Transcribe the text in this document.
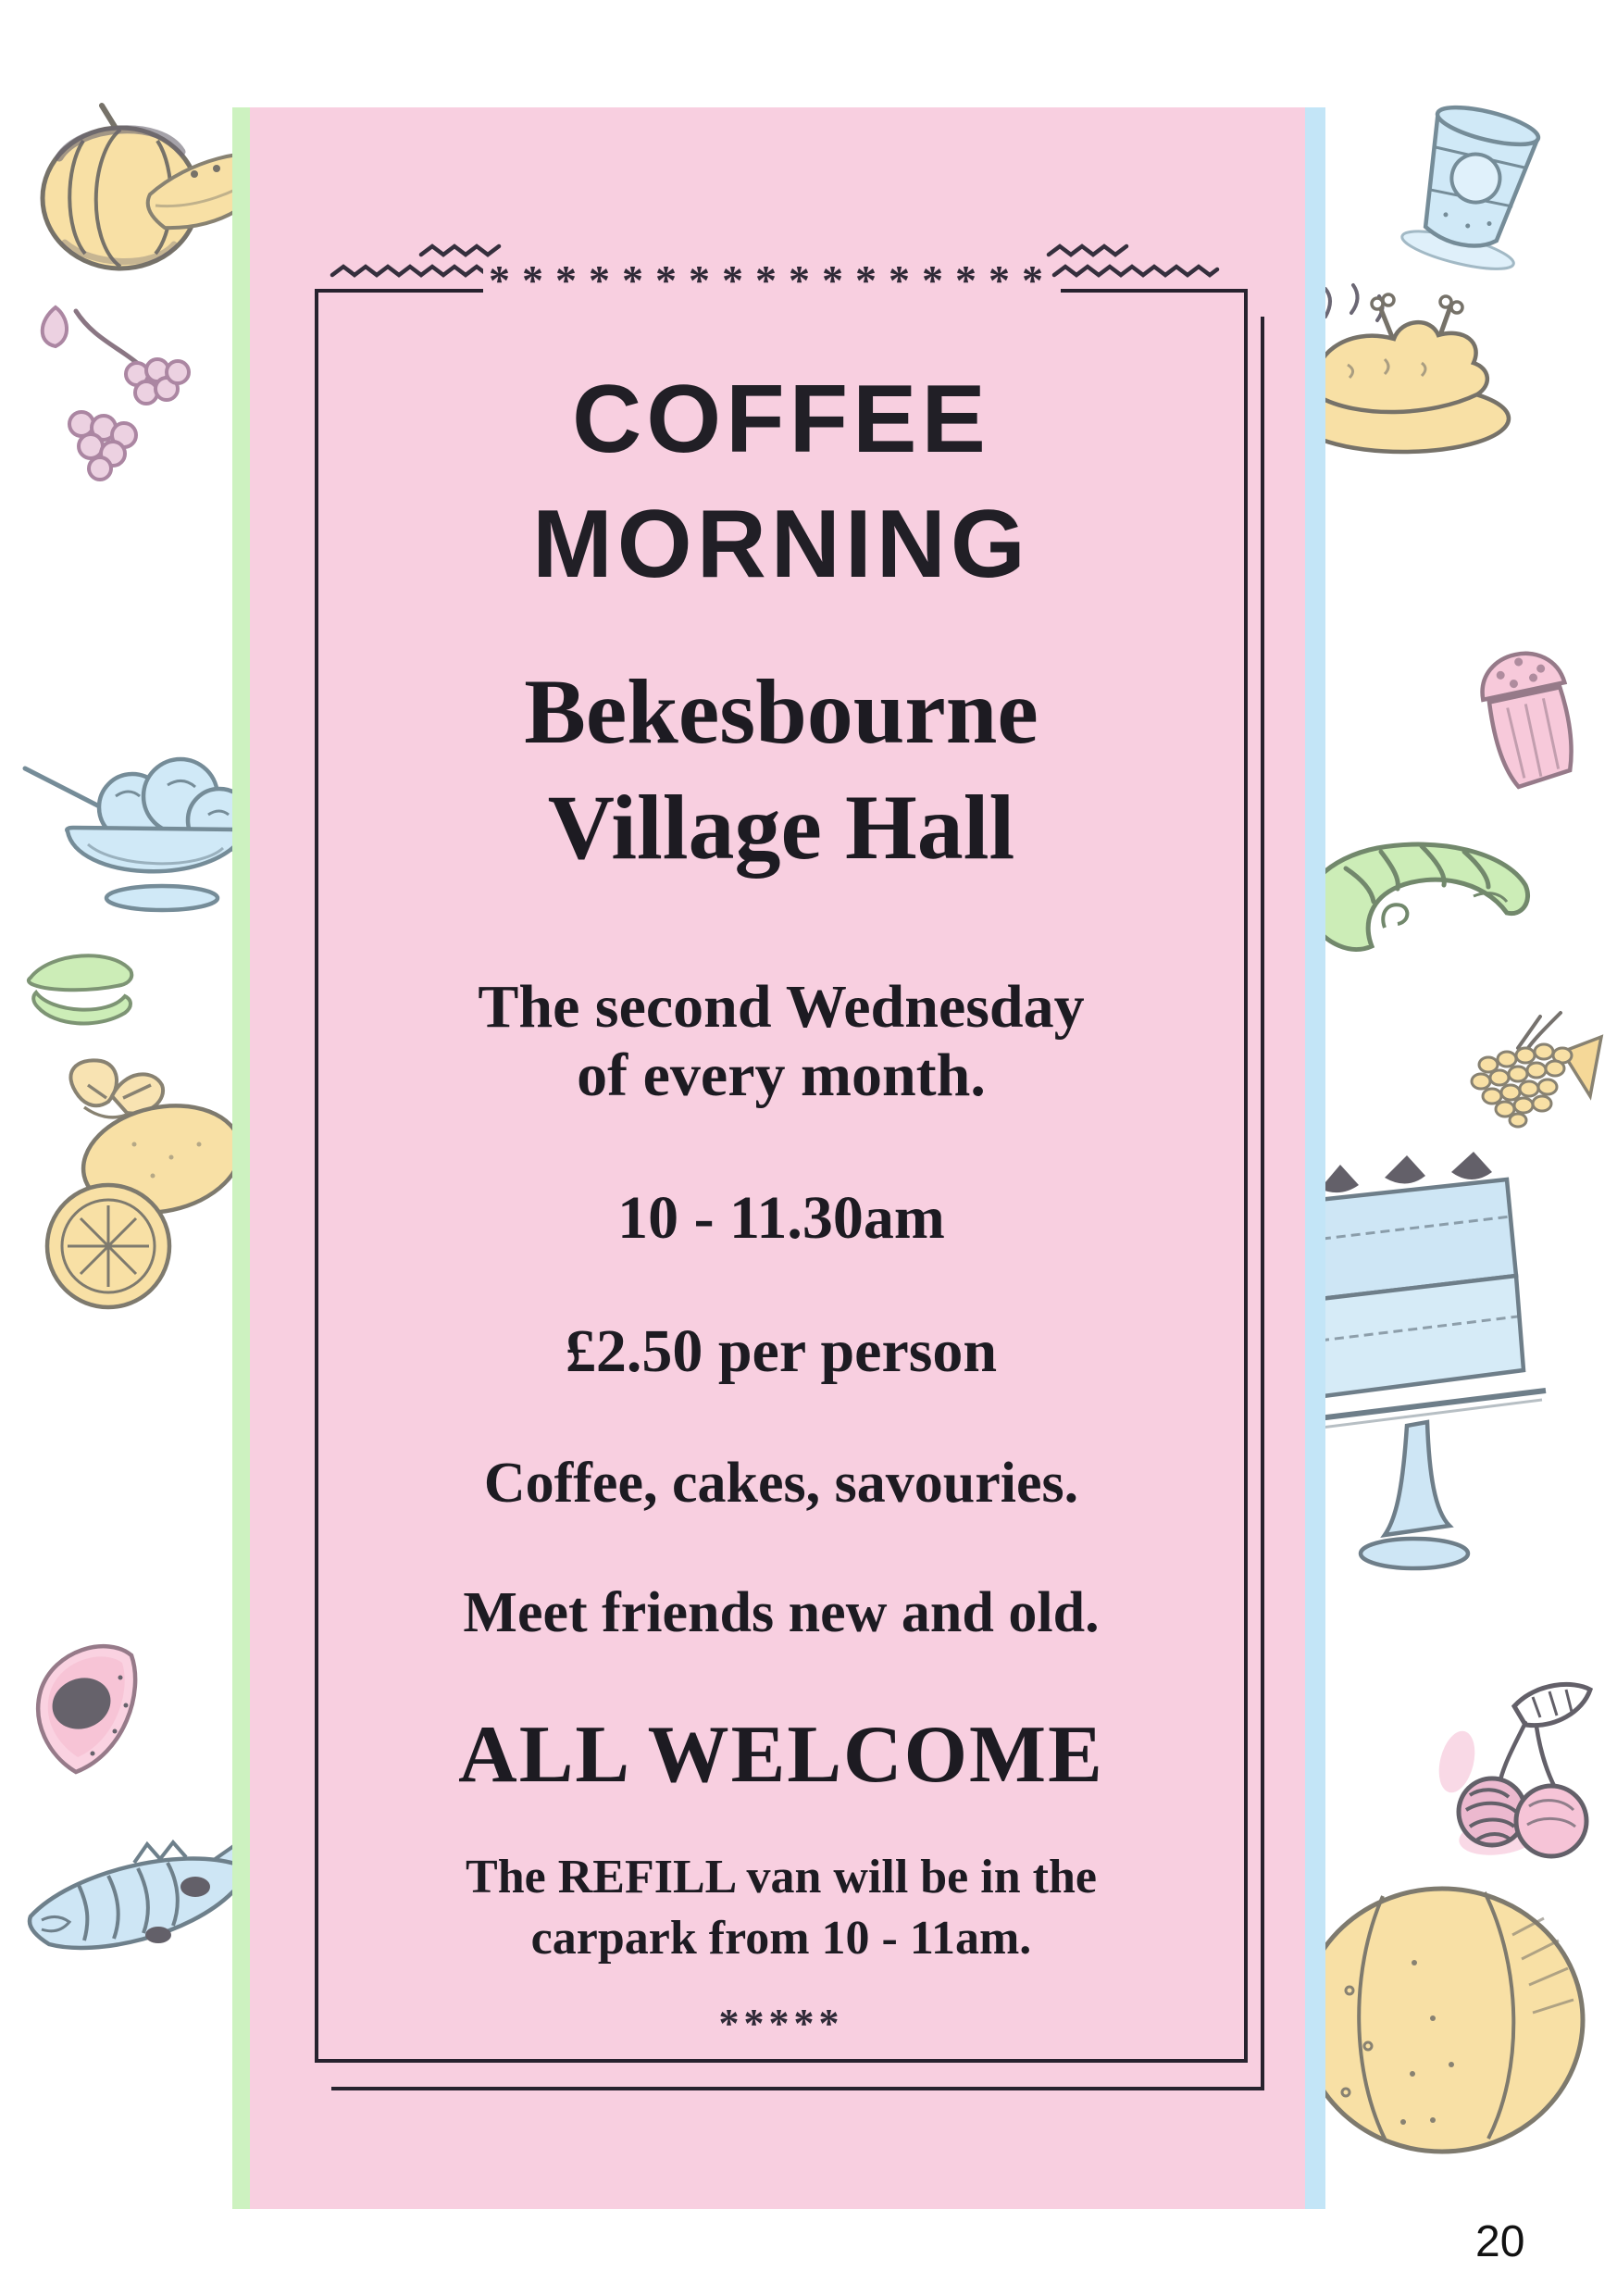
COFFEE
MORNING
Bekesbourne
Village Hall
The second Wednesday
of every month.
10 - 11.30am
£2.50 per person
Coffee, cakes, savouries.
Meet friends new and old.
ALL WELCOME
The REFILL van will be in the
carpark from 10 - 11am.
*****
*****************
20
